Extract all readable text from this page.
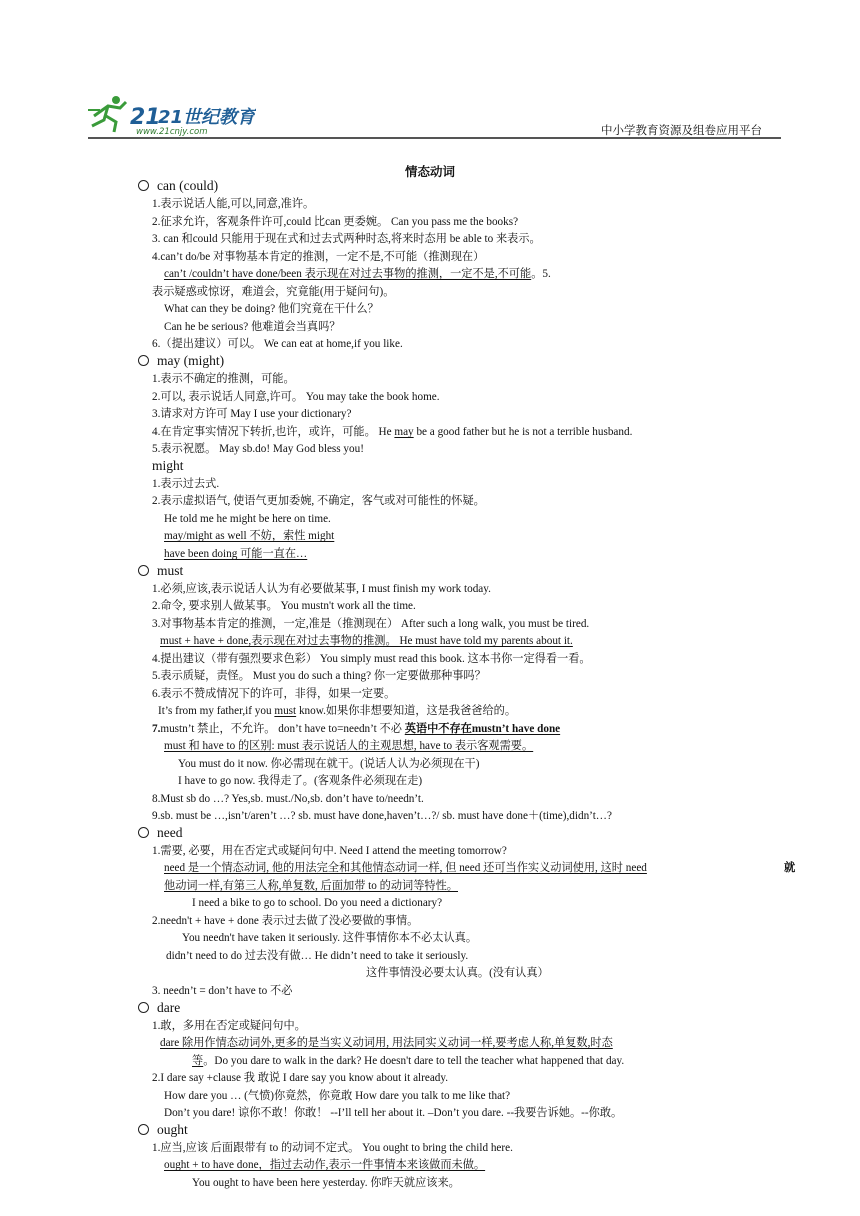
21
21世纪教育
www.21cnjy.com	中小学教育资源及组卷应用平台
情态动词
can (could)
1.表示说话人能,可以,同意,准许。
2.征求允许，客观条件许可,could 比can 更委婉。 Can you pass me the books?
3. can 和could 只能用于现在式和过去式两种时态,将来时态用 be able to 来表示。
4.can’t do/be 对事物基本肯定的推测，一定不是,不可能（推测现在）
can’t /couldn’t have done/been 表示现在对过去事物的推测，一定不是,不可能。5.
表示疑惑或惊讶，难道会，究竟能(用于疑问句)。
What can they be doing? 他们究竟在干什么？
Can he be serious? 他难道会当真吗？
6.（提出建议）可以。 We can eat at home,if you like.
may (might)
1.表示不确定的推测，可能。
2.可以, 表示说话人同意,许可。 You may take the book home.
3.请求对方许可 May I use your dictionary?
4.在肯定事实情况下转折,也许，或许，可能。 He may be a good father but he is not a terrible husband.
5.表示祝愿。 May sb.do! May God bless you!
might
1.表示过去式.
2.表示虚拟语气, 使语气更加委婉, 不确定，客气或对可能性的怀疑。
He told me he might be here on time.
may/might as well 不妨，索性 might
have been doing 可能一直在…
must
1.必须,应该,表示说话人认为有必要做某事, I must finish my work today.
2.命令, 要求别人做某事。 You mustn't work all the time.
3.对事物基本肯定的推测，一定,准是（推测现在） After such a long walk, you must be tired.
must + have + done,表示现在对过去事物的推测。 He must have told my parents about it.
4.提出建议（带有强烈要求色彩） You simply must read this book. 这本书你一定得看一看。
5.表示质疑，责怪。 Must you do such a thing? 你一定要做那种事吗？
6.表示不赞成情况下的许可，非得，如果一定要。
It’s from my father,if you must know.如果你非想要知道，这是我爸爸给的。
7.mustn’t 禁止，不允许。 don’t have to=needn’t 不必 英语中不存在mustn’t have done
must 和 have to 的区别: must 表示说话人的主观思想, have to 表示客观需要。
You must do it now. 你必需现在就干。(说话人认为必须现在干)
I have to go now. 我得走了。(客观条件必须现在走)
8.Must sb do …? Yes,sb. must./No,sb. don’t have to/needn’t.
9.sb. must be …,isn’t/aren’t …? sb. must have done,haven’t…?/ sb. must have done＋(time),didn’t…?
need
1.需要, 必要，用在否定式或疑问句中. Need I attend the meeting tomorrow?
need 是一个情态动词, 他的用法完全和其他情态动词一样, 但 need 还可当作实义动词使用, 这时 need	就
他动词一样,有第三人称,单复数, 后面加带 to 的动词等特性。
I need a bike to go to school. Do you need a dictionary?
2.needn't + have + done 表示过去做了没必要做的事情。
You needn't have taken it seriously. 这件事情你本不必太认真。
didn’t need to do 过去没有做… He didn’t need to take it seriously.
这件事情没必要太认真。(没有认真）
3. needn’t = don’t have to 不必
dare
1.敢，多用在否定或疑问句中。
dare 除用作情态动词外,更多的是当实义动词用, 用法同实义动词一样,要考虑人称,单复数,时态
等。Do you dare to walk in the dark? He doesn't dare to tell the teacher what happened that day.
2.I dare say +clause 我 敢说 I dare say you know about it already.
How dare you … (气愤)你竟然，你竟敢 How dare you talk to me like that?
Don’t you dare! 谅你不敢！你敢！ --I’ll tell her about it. –Don’t you dare. --我要告诉她。--你敢。
ought
1.应当,应该 后面跟带有 to 的动词不定式。 You ought to bring the child here.
ought + to have done，指过去动作,表示一件事情本来该做而未做。
You ought to have been here yesterday. 你昨天就应该来。
